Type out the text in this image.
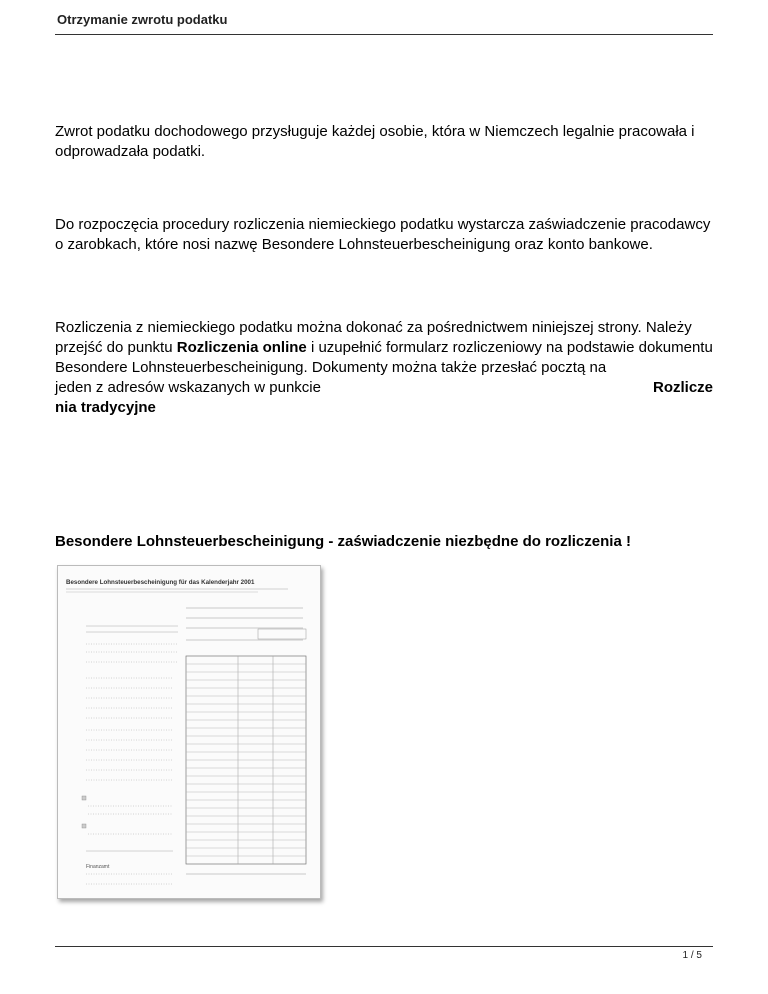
Otrzymanie zwrotu podatku
Zwrot podatku dochodowego przysługuje każdej osobie, która w Niemczech legalnie pracowała i odprowadzała podatki.
Do rozpoczęcia procedury rozliczenia niemieckiego podatku wystarcza zaświadczenie pracodawcy o zarobkach, które nosi nazwę Besondere Lohnsteuerbescheinigung oraz konto bankowe.
Rozliczenia z niemieckiego podatku można dokonać za pośrednictwem niniejszej strony. Należy przejść do punktu Rozliczenia online i uzupełnić formularz rozliczeniowy na podstawie dokumentu Besondere Lohnsteuerbescheinigung. Dokumenty można także przesłać pocztą na
jeden z adresów wskazanych w punkcie	Rozlicze
nia tradycyjne
Besondere Lohnsteuerbescheinigung - zaświadczenie niezbędne do rozliczenia !
Besondere Lohnsteuerbescheinigung für das Kalenderjahr 2001
Finanzamt
1 / 5
